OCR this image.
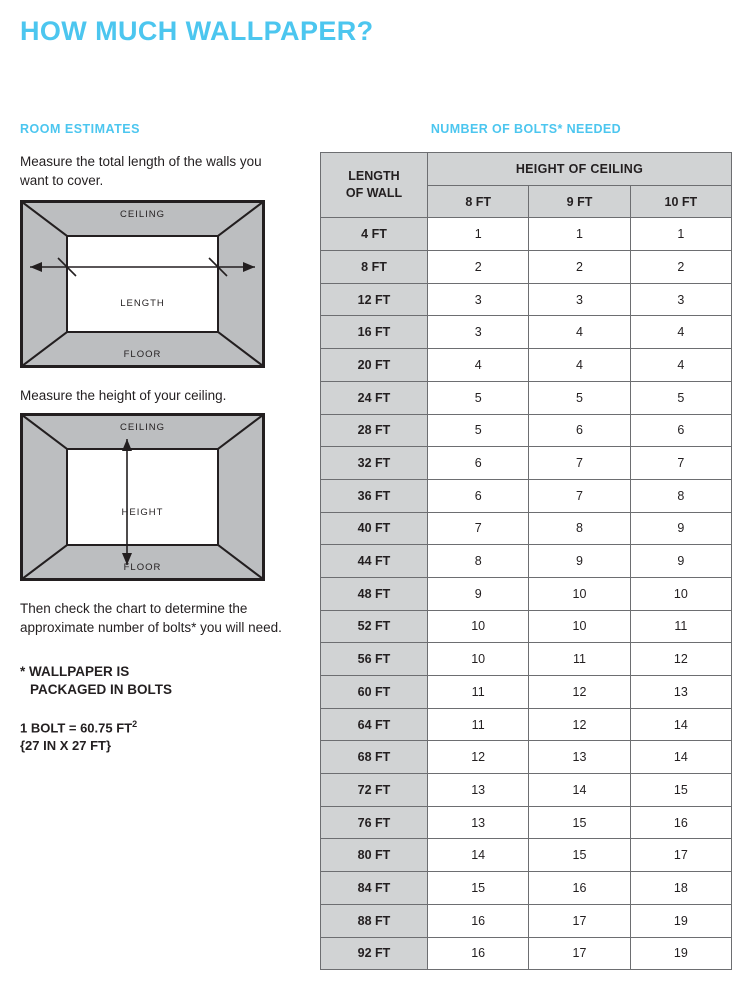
HOW MUCH WALLPAPER?
ROOM ESTIMATES

Measure the total length of the walls you want to cover.

CEILING
FLOOR
LENGTH

Measure the height of your ceiling.

CEILING
FLOOR
HEIGHT

Then check the chart to determine the approximate number of bolts* you will need.

* WALLPAPER IS
PACKAGED IN BOLTS
1 BOLT = 60.75 $FT^2$
{27 IN X 27 FT}
NUMBER OF BOLTS* NEEDED
LENGTH
OF WALL	HEIGHT OF CEILING		
	8 FT	9 FT	10 FT
4 FT	1	1	1
8 FT	2	2	2
12 FT	3	3	3
16 FT	3	4	4
20 FT	4	4	4
24 FT	5	5	5
28 FT	5	6	6
32 FT	6	7	7
36 FT	6	7	8
40 FT	7	8	9
44 FT	8	9	9
48 FT	9	10	10
52 FT	10	10	11
56 FT	10	11	12
60 FT	11	12	13
64 FT	11	12	14
68 FT	12	13	14
72 FT	13	14	15
76 FT	13	15	16
80 FT	14	15	17
84 FT	15	16	18
88 FT	16	17	19
92 FT	16	17	19
